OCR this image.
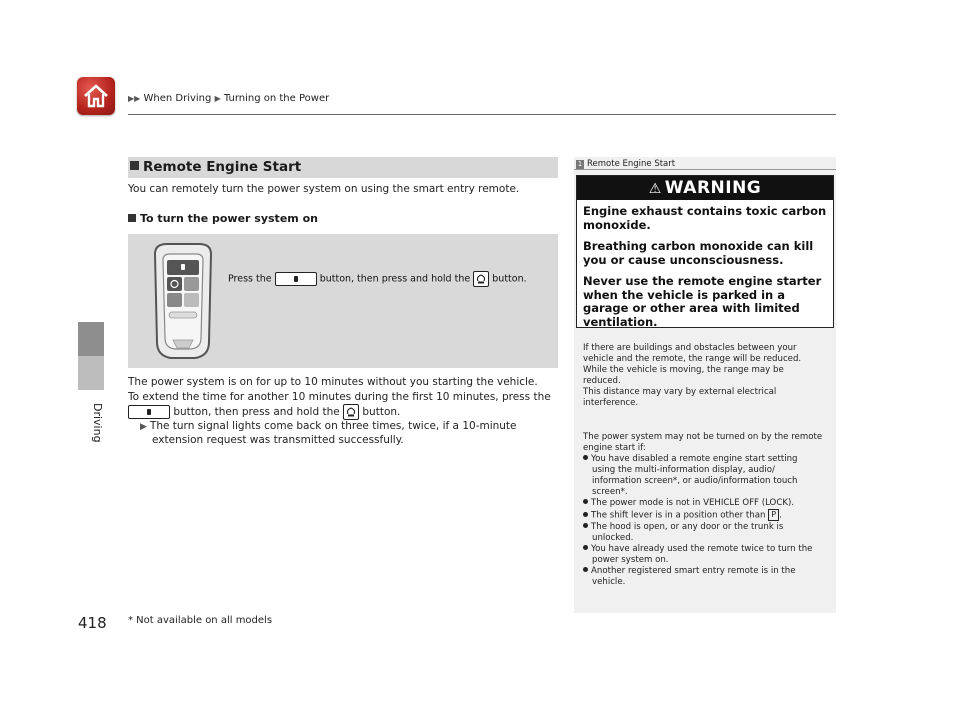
▶▶ When Driving ▶ Turning on the Power
Driving
418 * Not available on all models
Remote Engine Start
You can remotely turn the power system on using the smart entry remote.
To turn the power system on
Press the	button, then press and hold the button.
The power system is on for up to 10 minutes without you starting the vehicle.
To extend the time for another 10 minutes during the first 10 minutes, press the
button, then press and hold the button.
▶ The turn signal lights come back on three times, twice, if a 10-minute
extension request was transmitted successfully.
1 Remote Engine Start
⚠ WARNING

Engine exhaust contains toxic carbon monoxide.

Breathing carbon monoxide can kill you or cause unconsciousness.

Never use the remote engine starter when the vehicle is parked in a garage or other area with limited ventilation.

If there are buildings and obstacles between your
vehicle and the remote, the range will be reduced.
While the vehicle is moving, the range may be
reduced.
This distance may vary by external electrical
interference.
The power system may not be turned on by the remote
engine start if:
You have disabled a remote engine start setting
using the multi-information display, audio/
information screen*, or audio/information touch
screen*.
The power mode is not in VEHICLE OFF (LOCK).
The shift lever is in a position other than P .
The hood is open, or any door or the trunk is
unlocked.
You have already used the remote twice to turn the
power system on.
Another registered smart entry remote is in the
vehicle.
